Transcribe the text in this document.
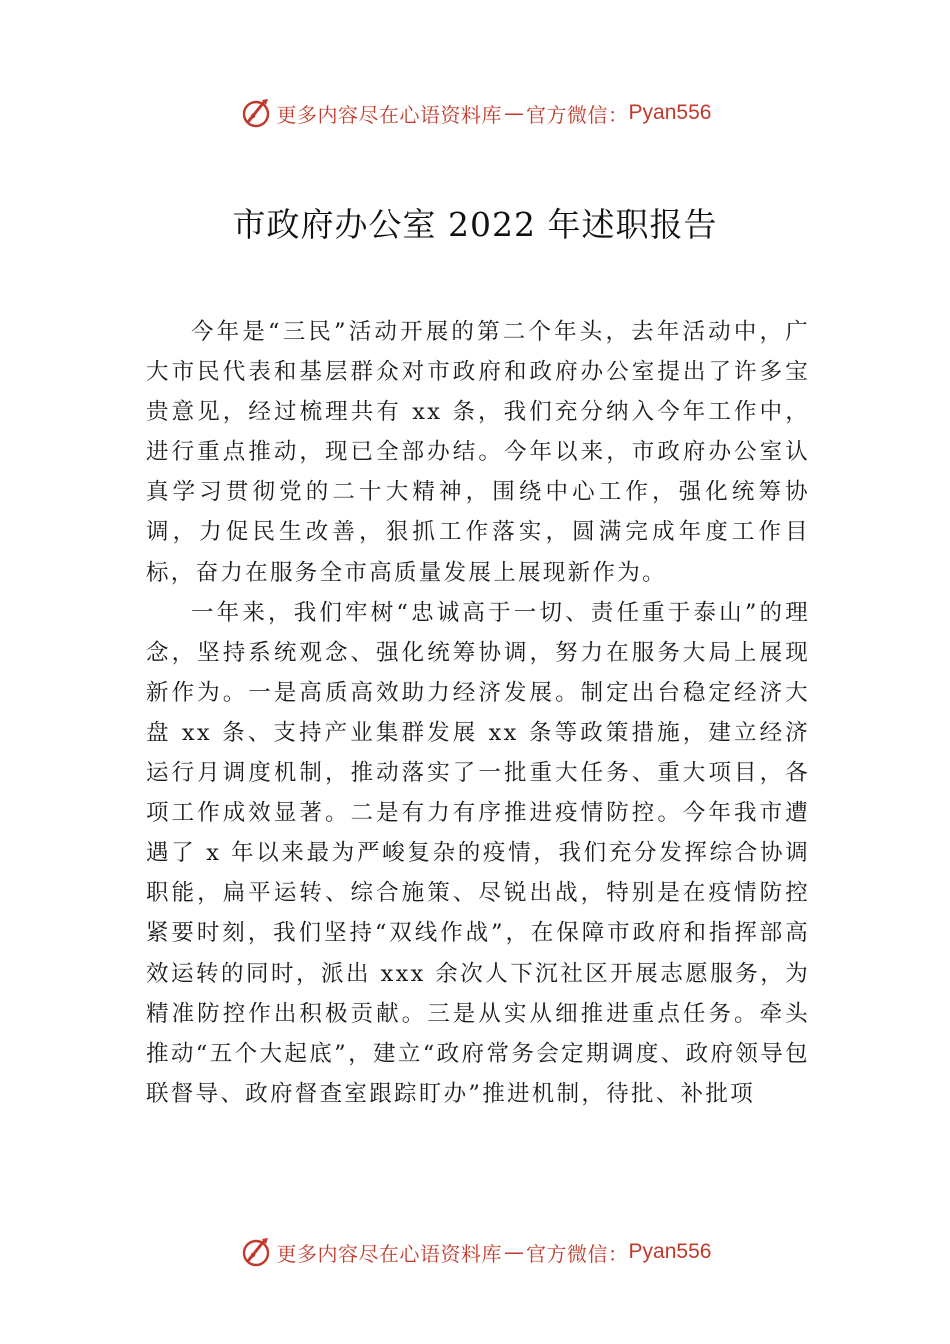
更多内容尽在心语资料库 — 官方微信： Pyan556
市政府办公室 2022 年述职报告

今年是“三民”活动开展的第二个年头，去年活动中，广大市民代表和基层群众对市政府和政府办公室提出了许多宝贵意见，经过梳理共有 xx 条，我们充分纳入今年工作中，进行重点推动，现已全部办结。今年以来，市政府办公室认真学习贯彻党的二十大精神，围绕中心工作，强化统筹协调，力促民生改善，狠抓工作落实，圆满完成年度工作目标，奋力在服务全市高质量发展上展现新作为。

一年来，我们牢树“忠诚高于一切、责任重于泰山”的理念，坚持系统观念、强化统筹协调，努力在服务大局上展现新作为。一是高质高效助力经济发展。制定出台稳定经济大盘 xx 条、支持产业集群发展 xx 条等政策措施，建立经济运行月调度机制，推动落实了一批重大任务、重大项目，各项工作成效显著。二是有力有序推进疫情防控。今年我市遭遇了 x 年以来最为严峻复杂的疫情，我们充分发挥综合协调职能，扁平运转、综合施策、尽锐出战，特别是在疫情防控紧要时刻，我们坚持“双线作战”，在保障市政府和指挥部高效运转的同时，派出 xxx 余次人下沉社区开展志愿服务，为精准防控作出积极贡献。三是从实从细推进重点任务。牵头推动“五个大起底”，建立“政府常务会定期调度、政府领导包联督导、政府督查室跟踪盯办”推进机制，待批、补批项

更多内容尽在心语资料库 — 官方微信： Pyan556
